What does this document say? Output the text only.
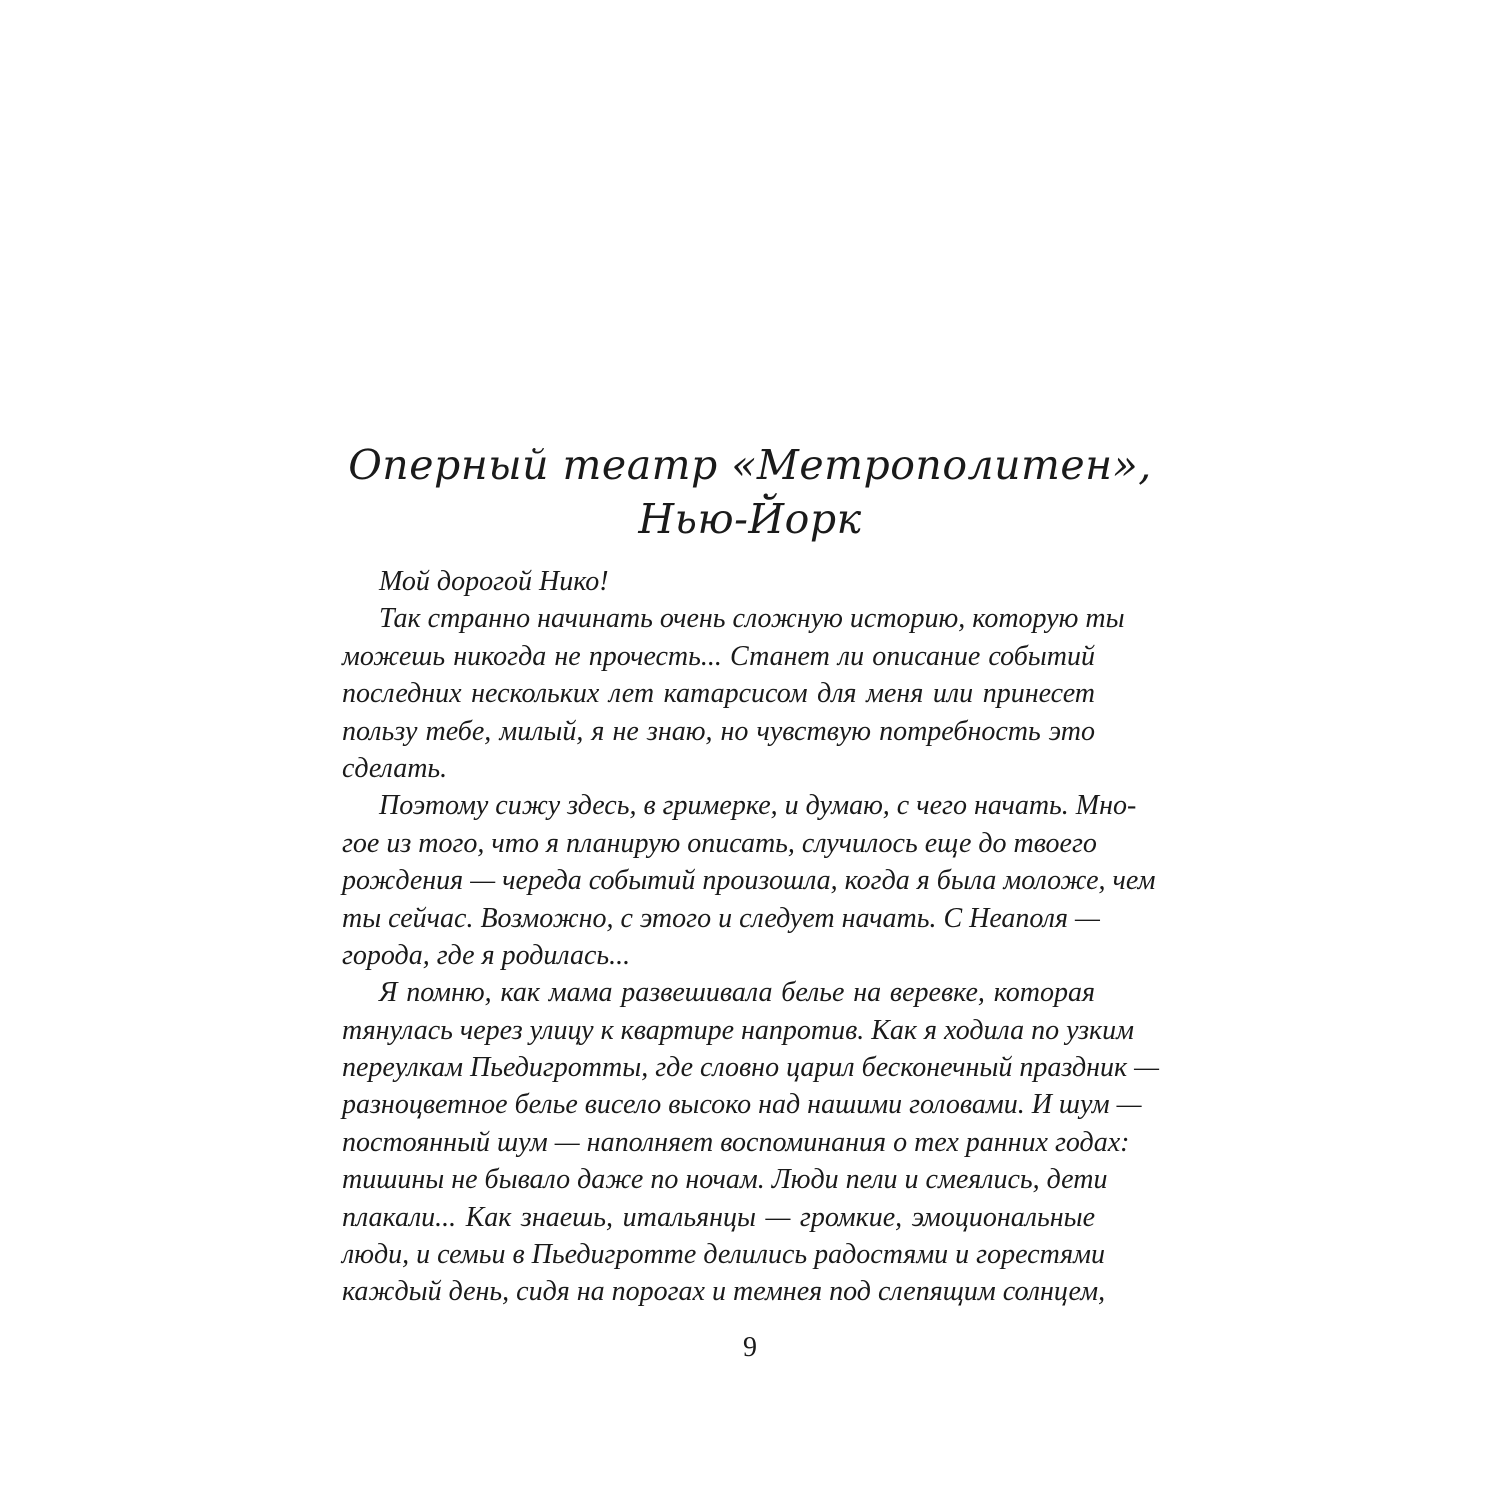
Оперный театр «Метрополитен»,
Нью-Йорк
Мой дорогой Нико!
Так странно начинать очень сложную историю, которую ты
можешь никогда не прочесть... Станет ли описание событий
последних нескольких лет катарсисом для меня или принесет
пользу тебе, милый, я не знаю, но чувствую потребность это
сделать.
Поэтому сижу здесь, в гримерке, и думаю, с чего начать. Мно-
гое из того, что я планирую описать, случилось еще до твоего
рождения — череда событий произошла, когда я была моложе, чем
ты сейчас. Возможно, с этого и следует начать. С Неаполя —
города, где я родилась...
Я помню, как мама развешивала белье на веревке, которая
тянулась через улицу к квартире напротив. Как я ходила по узким
переулкам Пьедигротты, где словно царил бесконечный праздник —
разноцветное белье висело высоко над нашими головами. И шум —
постоянный шум — наполняет воспоминания о тех ранних годах:
тишины не бывало даже по ночам. Люди пели и смеялись, дети
плакали... Как знаешь, итальянцы — громкие, эмоциональные
люди, и семьи в Пьедигротте делились радостями и горестями
каждый день, сидя на порогах и темнея под слепящим солнцем,
9
